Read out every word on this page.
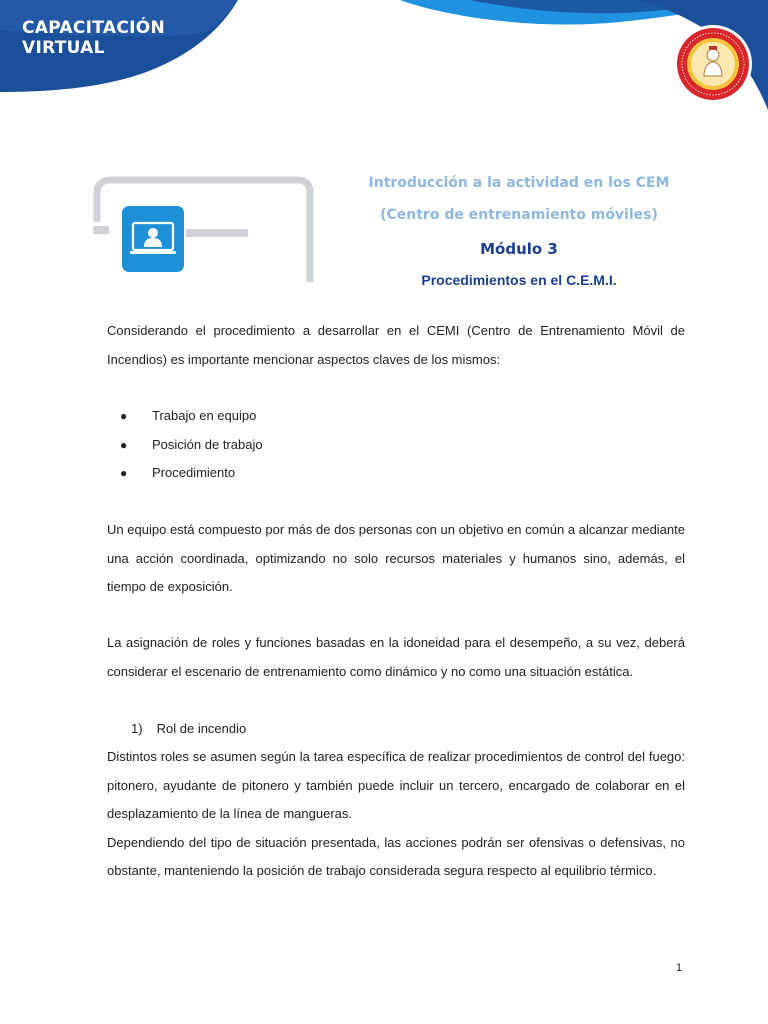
CAPACITACIÓN
VIRTUAL
Introducción a la actividad en los CEM
(Centro de entrenamiento móviles)
Módulo 3
Procedimientos en el C.E.M.I.

Considerando el procedimiento a desarrollar en el CEMI (Centro de Entrenamiento Móvil de Incendios) es importante mencionar aspectos claves de los mismos:

● Trabajo en equipo
● Posición de trabajo
● Procedimiento

Un equipo está compuesto por más de dos personas con un objetivo en común a alcanzar mediante una acción coordinada, optimizando no solo recursos materiales y humanos sino, además, el tiempo de exposición.

La asignación de roles y funciones basadas en la idoneidad para el desempeño, a su vez, deberá considerar el escenario de entrenamiento como dinámico y no como una situación estática.

1) Rol de incendio

Distintos roles se asumen según la tarea específica de realizar procedimientos de control del fuego: pitonero, ayudante de pitonero y también puede incluir un tercero, encargado de colaborar en el desplazamiento de la línea de mangueras.

Dependiendo del tipo de situación presentada, las acciones podrán ser ofensivas o defensivas, no obstante, manteniendo la posición de trabajo considerada segura respecto al equilibrio térmico.

1
